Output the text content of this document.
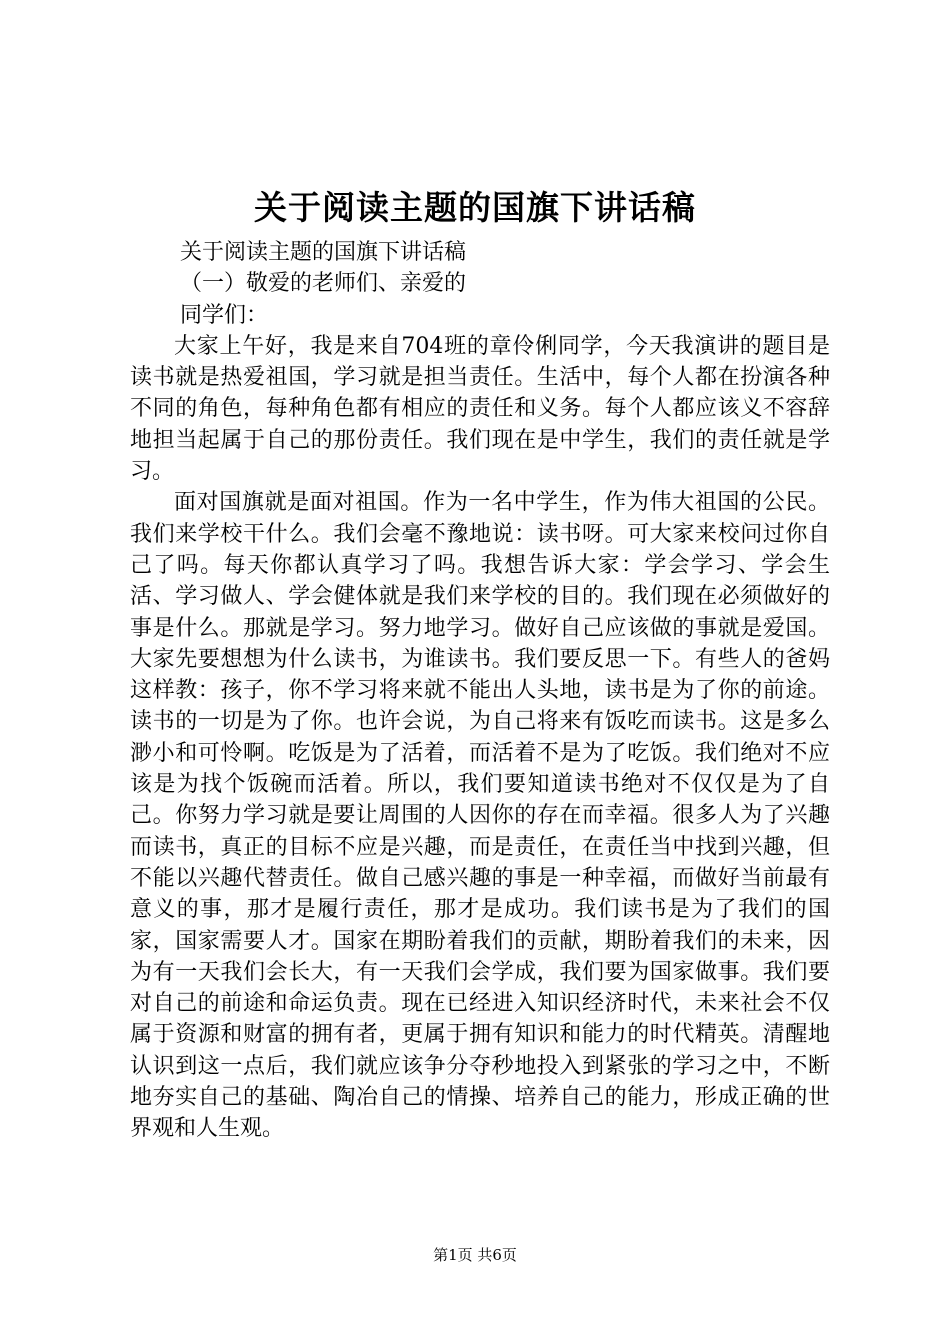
关于阅读主题的国旗下讲话稿

关于阅读主题的国旗下讲话稿

（一）敬爱的老师们、亲爱的

同学们：

大家上午好，我是来自704班的章伶俐同学，今天我演讲的题目是读书就是热爱祖国，学习就是担当责任。生活中，每个人都在扮演各种不同的角色，每种角色都有相应的责任和义务。每个人都应该义不容辞地担当起属于自己的那份责任。我们现在是中学生，我们的责任就是学习。

面对国旗就是面对祖国。作为一名中学生，作为伟大祖国的公民。我们来学校干什么。我们会毫不豫地说：读书呀。可大家来校问过你自己了吗。每天你都认真学习了吗。我想告诉大家：学会学习、学会生活、学习做人、学会健体就是我们来学校的目的。我们现在必须做好的事是什么。那就是学习。努力地学习。做好自己应该做的事就是爱国。大家先要想想为什么读书，为谁读书。我们要反思一下。有些人的爸妈这样教：孩子，你不学习将来就不能出人头地，读书是为了你的前途。读书的一切是为了你。也许会说，为自己将来有饭吃而读书。这是多么渺小和可怜啊。吃饭是为了活着，而活着不是为了吃饭。我们绝对不应该是为找个饭碗而活着。所以，我们要知道读书绝对不仅仅是为了自己。你努力学习就是要让周围的人因你的存在而幸福。很多人为了兴趣而读书，真正的目标不应是兴趣，而是责任，在责任当中找到兴趣，但不能以兴趣代替责任。做自己感兴趣的事是一种幸福，而做好当前最有意义的事，那才是履行责任，那才是成功。我们读书是为了我们的国家，国家需要人才。国家在期盼着我们的贡献，期盼着我们的未来，因为有一天我们会长大，有一天我们会学成，我们要为国家做事。我们要对自己的前途和命运负责。现在已经进入知识经济时代，未来社会不仅属于资源和财富的拥有者，更属于拥有知识和能力的时代精英。清醒地认识到这一点后，我们就应该争分夺秒地投入到紧张的学习之中，不断地夯实自己的基础、陶冶自己的情操、培养自己的能力，形成正确的世界观和人生观。

第1页 共6页
